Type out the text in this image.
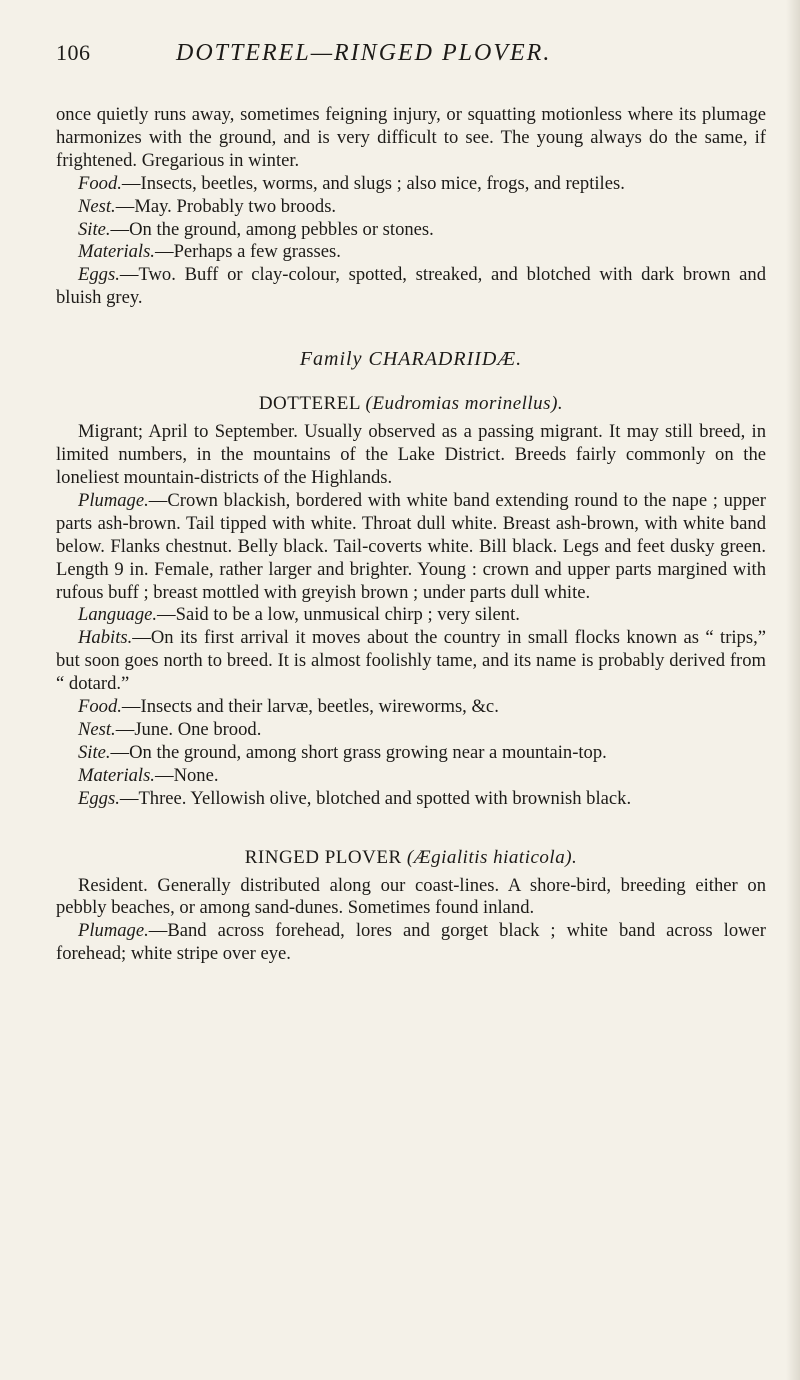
106	DOTTEREL—RINGED PLOVER.

once quietly runs away, sometimes feigning injury, or squatting motionless where its plumage harmonizes with the ground, and is very difficult to see. The young always do the same, if frightened. Gregarious in winter.

Food.—Insects, beetles, worms, and slugs ; also mice, frogs, and reptiles.

Nest.—May. Probably two broods.

Site.—On the ground, among pebbles or stones.

Materials.—Perhaps a few grasses.

Eggs.—Two. Buff or clay-colour, spotted, streaked, and blotched with dark brown and bluish grey.

Family CHARADRIIDÆ.
DOTTEREL (Eudromias morinellus).

Migrant; April to September. Usually observed as a passing migrant. It may still breed, in limited numbers, in the mountains of the Lake District. Breeds fairly commonly on the loneliest mountain-districts of the Highlands.

Plumage.—Crown blackish, bordered with white band extending round to the nape ; upper parts ash-brown. Tail tipped with white. Throat dull white. Breast ash-brown, with white band below. Flanks chestnut. Belly black. Tail-coverts white. Bill black. Legs and feet dusky green. Length 9 in. Female, rather larger and brighter. Young : crown and upper parts margined with rufous buff ; breast mottled with greyish brown ; under parts dull white.

Language.—Said to be a low, unmusical chirp ; very silent.

Habits.—On its first arrival it moves about the country in small flocks known as “ trips,” but soon goes north to breed. It is almost foolishly tame, and its name is probably derived from “ dotard.”

Food.—Insects and their larvæ, beetles, wireworms, &c.

Nest.—June. One brood.

Site.—On the ground, among short grass growing near a mountain-top.

Materials.—None.

Eggs.—Three. Yellowish olive, blotched and spotted with brownish black.

RINGED PLOVER (Ægialitis hiaticola).

Resident. Generally distributed along our coast-lines. A shore-bird, breeding either on pebbly beaches, or among sand-dunes. Sometimes found inland.

Plumage.—Band across forehead, lores and gorget black ; white band across lower forehead; white stripe over eye.
